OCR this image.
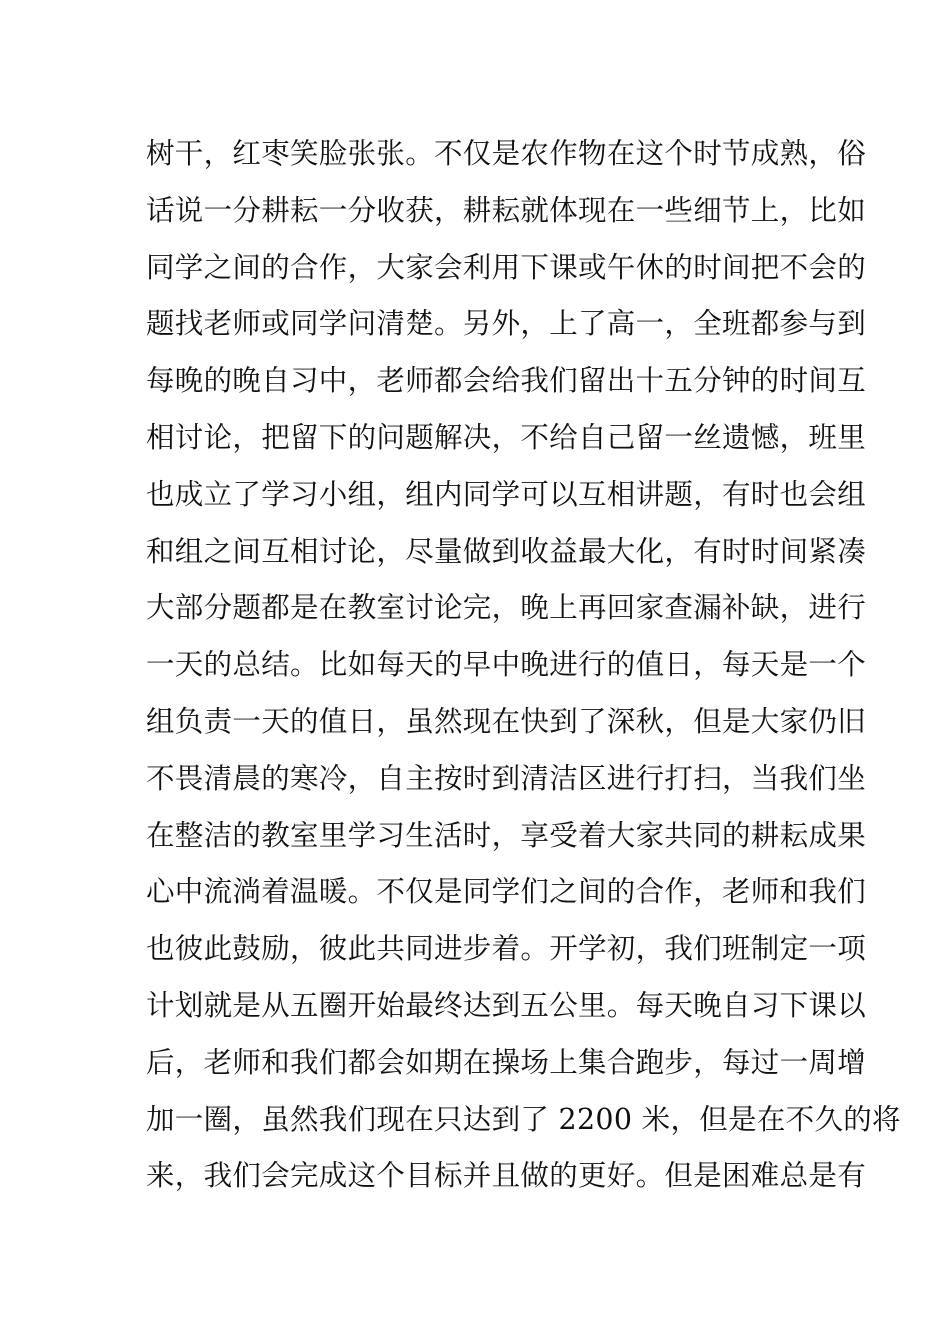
树干，红枣笑脸张张。不仅是农作物在这个时节成熟，俗
话说一分耕耘一分收获，耕耘就体现在一些细节上，比如
同学之间的合作，大家会利用下课或午休的时间把不会的
题找老师或同学问清楚。另外，上了高一，全班都参与到
每晚的晚自习中，老师都会给我们留出十五分钟的时间互
相讨论，把留下的问题解决，不给自己留一丝遗憾，班里
也成立了学习小组，组内同学可以互相讲题，有时也会组
和组之间互相讨论，尽量做到收益最大化，有时时间紧凑
大部分题都是在教室讨论完，晚上再回家查漏补缺，进行
一天的总结。比如每天的早中晚进行的值日，每天是一个
组负责一天的值日，虽然现在快到了深秋，但是大家仍旧
不畏清晨的寒冷，自主按时到清洁区进行打扫，当我们坐
在整洁的教室里学习生活时，享受着大家共同的耕耘成果
心中流淌着温暖。不仅是同学们之间的合作，老师和我们
也彼此鼓励，彼此共同进步着。开学初，我们班制定一项
计划就是从五圈开始最终达到五公里。每天晚自习下课以
后，老师和我们都会如期在操场上集合跑步，每过一周增
加一圈，虽然我们现在只达到了 2200 米，但是在不久的将
来，我们会完成这个目标并且做的更好。但是困难总是有
